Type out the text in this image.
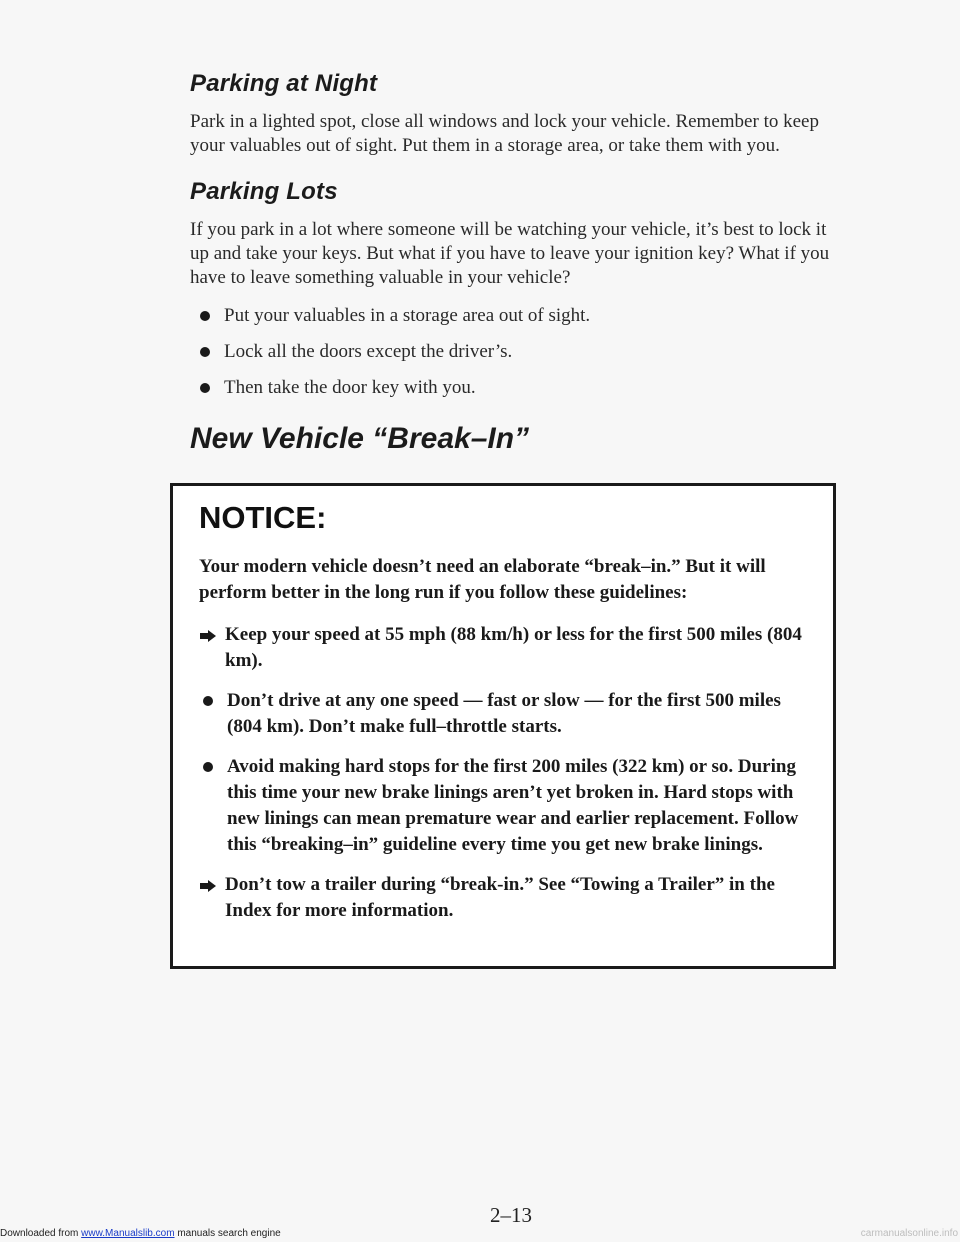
Parking at Night

Park in a lighted spot, close all windows and lock your vehicle. Remember to keep your valuables out of sight. Put them in a storage area, or take them with you.

Parking Lots

If you park in a lot where someone will be watching your vehicle, it’s best to lock it up and take your keys. But what if you have to leave your ignition key? What if you have to leave something valuable in your vehicle?

Put your valuables in a storage area out of sight.
Lock all the doors except the driver’s.
Then take the door key with you.
New Vehicle “Break–In”
NOTICE:
Your modern vehicle doesn’t need an elaborate “break–in.” But it will perform better in the long run if you follow these guidelines:
Keep your speed at 55 mph (88 km/h) or less for the first 500 miles (804 km).
Don’t drive at any one speed — fast or slow — for the first 500 miles (804 km). Don’t make full–throttle starts.
Avoid making hard stops for the first 200 miles (322 km) or so. During this time your new brake linings aren’t yet broken in. Hard stops with new linings can mean premature wear and earlier replacement. Follow this “breaking–in” guideline every time you get new brake linings.
Don’t tow a trailer during “break-in.” See “Towing a Trailer” in the Index for more information.
2–13
Downloaded from www.Manualslib.com manuals search engine	carmanualsonline.info
